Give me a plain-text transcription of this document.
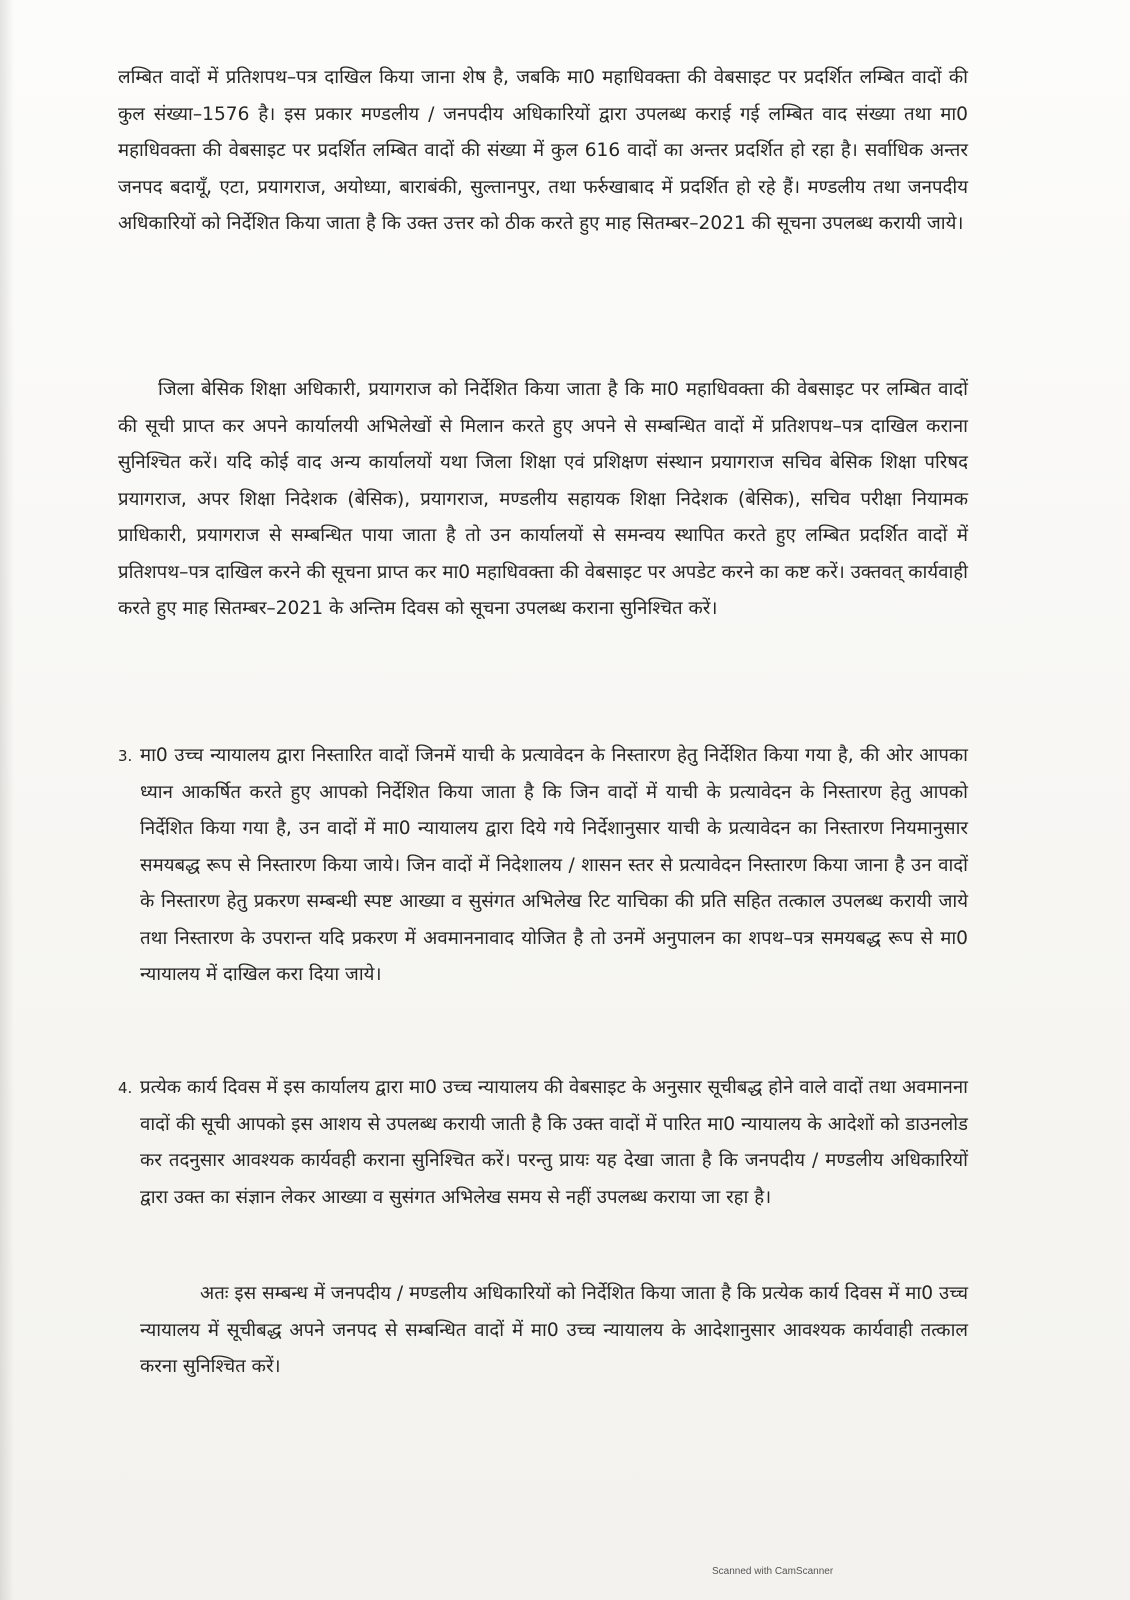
लम्बित वादों में प्रतिशपथ–पत्र दाखिल किया जाना शेष है, जबकि मा0 महाधिवक्ता की वेबसाइट पर प्रदर्शित लम्बित वादों की कुल संख्या–1576 है। इस प्रकार मण्डलीय / जनपदीय अधिकारियों द्वारा उपलब्ध कराई गई लम्बित वाद संख्या तथा मा0 महाधिवक्ता की वेबसाइट पर प्रदर्शित लम्बित वादों की संख्या में कुल 616 वादों का अन्तर प्रदर्शित हो रहा है। सर्वाधिक अन्तर जनपद बदायूँ, एटा, प्रयागराज, अयोध्या, बाराबंकी, सुल्तानपुर, तथा फर्रुखाबाद में प्रदर्शित हो रहे हैं। मण्डलीय तथा जनपदीय अधिकारियों को निर्देशित किया जाता है कि उक्त उत्तर को ठीक करते हुए माह सितम्बर–2021 की सूचना उपलब्ध करायी जाये।

जिला बेसिक शिक्षा अधिकारी, प्रयागराज को निर्देशित किया जाता है कि मा0 महाधिवक्ता की वेबसाइट पर लम्बित वादों की सूची प्राप्त कर अपने कार्यालयी अभिलेखों से मिलान करते हुए अपने से सम्बन्धित वादों में प्रतिशपथ–पत्र दाखिल कराना सुनिश्चित करें। यदि कोई वाद अन्य कार्यालयों यथा जिला शिक्षा एवं प्रशिक्षण संस्थान प्रयागराज सचिव बेसिक शिक्षा परिषद प्रयागराज, अपर शिक्षा निदेशक (बेसिक), प्रयागराज, मण्डलीय सहायक शिक्षा निदेशक (बेसिक), सचिव परीक्षा नियामक प्राधिकारी, प्रयागराज से सम्बन्धित पाया जाता है तो उन कार्यालयों से समन्वय स्थापित करते हुए लम्बित प्रदर्शित वादों में प्रतिशपथ–पत्र दाखिल करने की सूचना प्राप्त कर मा0 महाधिवक्ता की वेबसाइट पर अपडेट करने का कष्ट करें। उक्तवत् कार्यवाही करते हुए माह सितम्बर–2021 के अन्तिम दिवस को सूचना उपलब्ध कराना सुनिश्चित करें।

3. मा0 उच्च न्यायालय द्वारा निस्तारित वादों जिनमें याची के प्रत्यावेदन के निस्तारण हेतु निर्देशित किया गया है, की ओर आपका ध्यान आकर्षित करते हुए आपको निर्देशित किया जाता है कि जिन वादों में याची के प्रत्यावेदन के निस्तारण हेतु आपको निर्देशित किया गया है, उन वादों में मा0 न्यायालय द्वारा दिये गये निर्देशानुसार याची के प्रत्यावेदन का निस्तारण नियमानुसार समयबद्ध रूप से निस्तारण किया जाये। जिन वादों में निदेशालय / शासन स्तर से प्रत्यावेदन निस्तारण किया जाना है उन वादों के निस्तारण हेतु प्रकरण सम्बन्धी स्पष्ट आख्या व सुसंगत अभिलेख रिट याचिका की प्रति सहित तत्काल उपलब्ध करायी जाये तथा निस्तारण के उपरान्त यदि प्रकरण में अवमाननावाद योजित है तो उनमें अनुपालन का शपथ–पत्र समयबद्ध रूप से मा0 न्यायालय में दाखिल करा दिया जाये।

4. प्रत्येक कार्य दिवस में इस कार्यालय द्वारा मा0 उच्च न्यायालय की वेबसाइट के अनुसार सूचीबद्ध होने वाले वादों तथा अवमानना वादों की सूची आपको इस आशय से उपलब्ध करायी जाती है कि उक्त वादों में पारित मा0 न्यायालय के आदेशों को डाउनलोड कर तदनुसार आवश्यक कार्यवही कराना सुनिश्चित करें। परन्तु प्रायः यह देखा जाता है कि जनपदीय / मण्डलीय अधिकारियों द्वारा उक्त का संज्ञान लेकर आख्या व सुसंगत अभिलेख समय से नहीं उपलब्ध कराया जा रहा है।

अतः इस सम्बन्ध में जनपदीय / मण्डलीय अधिकारियों को निर्देशित किया जाता है कि प्रत्येक कार्य दिवस में मा0 उच्च न्यायालय में सूचीबद्ध अपने जनपद से सम्बन्धित वादों में मा0 उच्च न्यायालय के आदेशानुसार आवश्यक कार्यवाही तत्काल करना सुनिश्चित करें।

Scanned with CamScanner
